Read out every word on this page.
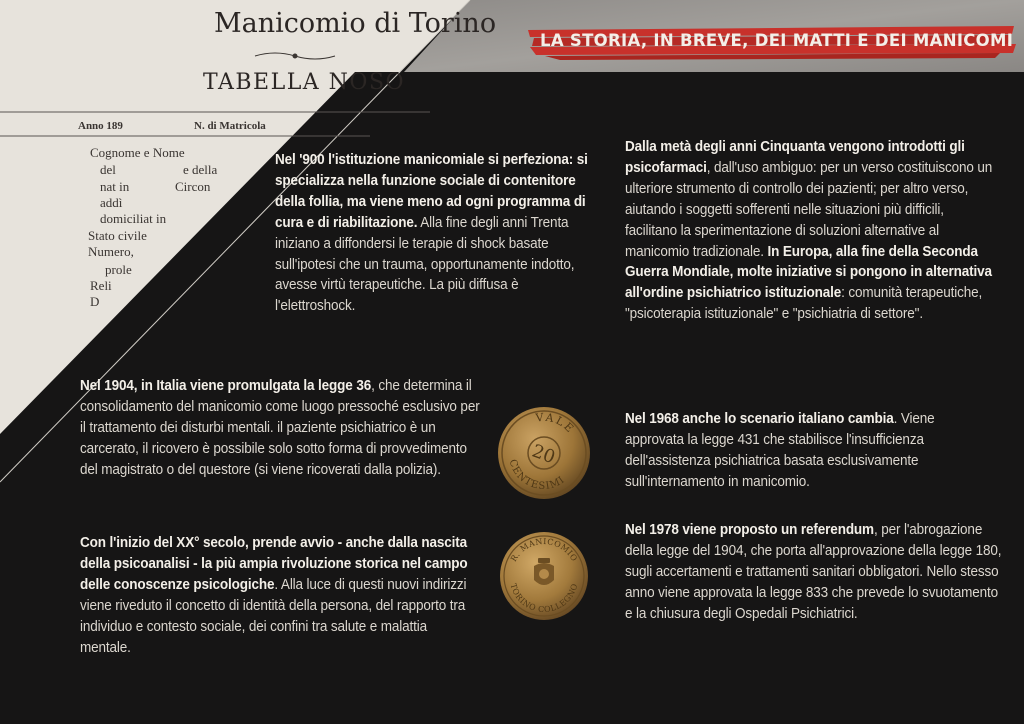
Manicomio di Torino
TABELLA NOSO
Anno 189	N. di Matricola
Cognome e Nome
del	e della
nat in	Circon
addì
domiciliat in
Stato civile
Numero,
prole
Reli
D
LA STORIA, IN BREVE, DEI MATTI E DEI MANICOMI
Nel '900 l'istituzione manicomiale si perfeziona: si specializza nella funzione sociale di contenitore della follia, ma viene meno ad ogni programma di cura e di riabilitazione. Alla fine degli anni Trenta iniziano a diffondersi le terapie di shock basate sull'ipotesi che un trauma, opportunamente indotto, avesse virtù terapeutiche. La più diffusa è l'elettroshock.
Nel 1904, in Italia viene promulgata la legge 36, che determina il consolidamento del manicomio come luogo pressoché esclusivo per il trattamento dei disturbi mentali. il paziente psichiatrico è un carcerato, il ricovero è possibile solo sotto forma di provvedimento del magistrato o del questore (si viene ricoverati dalla polizia).
Con l'inizio del XX° secolo, prende avvio - anche dalla nascita della psicoanalisi - la più ampia rivoluzione storica nel campo delle conoscenze psicologiche. Alla luce di questi nuovi indirizzi viene riveduto il concetto di identità della persona, del rapporto tra individuo e contesto sociale, dei confini tra salute e malattia mentale.
Dalla metà degli anni Cinquanta vengono introdotti gli psicofarmaci, dall'uso ambiguo: per un verso costituiscono un ulteriore strumento di controllo dei pazienti; per altro verso, aiutando i soggetti sofferenti nelle situazioni più difficili, facilitano la sperimentazione di soluzioni alternative al manicomio tradizionale. In Europa, alla fine della Seconda Guerra Mondiale, molte iniziative si pongono in alternativa all'ordine psichiatrico istituzionale: comunità terapeutiche, "psicoterapia istituzionale" e "psichiatria di settore".
Nel 1968 anche lo scenario italiano cambia. Viene approvata la legge 431 che stabilisce l'insufficienza dell'assistenza psichiatrica basata esclusivamente sull'internamento in manicomio.
Nel 1978 viene proposto un referendum, per l'abrogazione della legge del 1904, che porta all'approvazione della legge 180, sugli accertamenti e trattamenti sanitari obbligatori. Nello stesso anno viene approvata la legge 833 che prevede lo svuotamento e la chiusura degli Ospedali Psichiatrici.
20
VALE
CENTESIMI
R. MANICOMIO
TORINO COLLEGNO
